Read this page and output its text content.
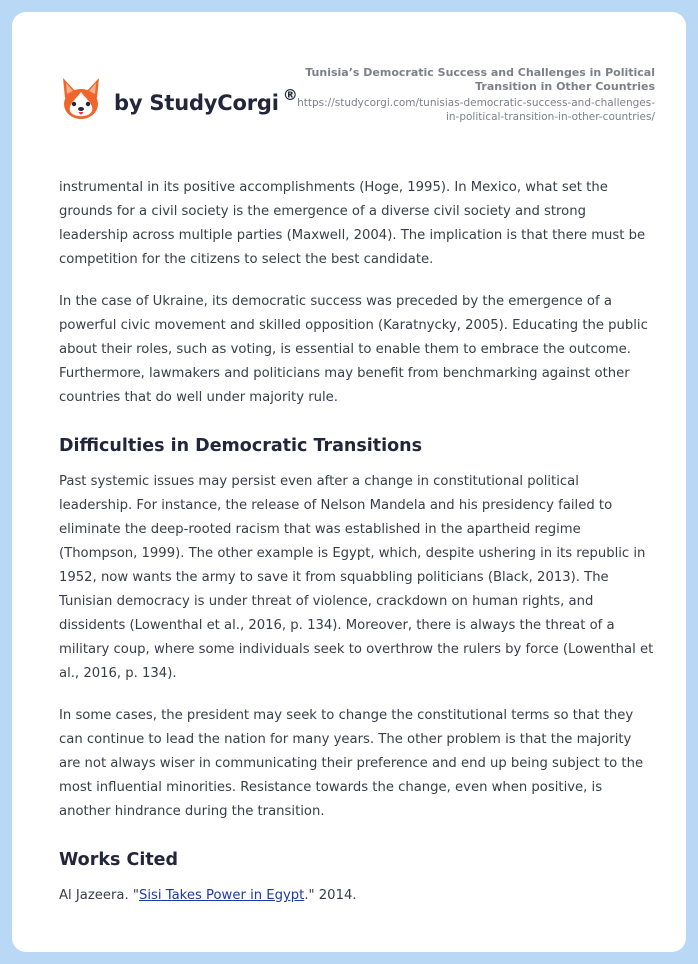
by StudyCorgi ®
Tunisia’s Democratic Success and Challenges in Political Transition in Other Countries
https://studycorgi.com/tunisias-democratic-success-and-challenges-in-political-transition-in-other-countries/

instrumental in its positive accomplishments (Hoge, 1995). In Mexico, what set the grounds for a civil society is the emergence of a diverse civil society and strong leadership across multiple parties (Maxwell, 2004). The implication is that there must be competition for the citizens to select the best candidate.

In the case of Ukraine, its democratic success was preceded by the emergence of a powerful civic movement and skilled opposition (Karatnycky, 2005). Educating the public about their roles, such as voting, is essential to enable them to embrace the outcome. Furthermore, lawmakers and politicians may benefit from benchmarking against other countries that do well under majority rule.

Difficulties in Democratic Transitions

Past systemic issues may persist even after a change in constitutional political leadership. For instance, the release of Nelson Mandela and his presidency failed to eliminate the deep-rooted racism that was established in the apartheid regime (Thompson, 1999). The other example is Egypt, which, despite ushering in its republic in 1952, now wants the army to save it from squabbling politicians (Black, 2013). The Tunisian democracy is under threat of violence, crackdown on human rights, and dissidents (Lowenthal et al., 2016, p. 134). Moreover, there is always the threat of a military coup, where some individuals seek to overthrow the rulers by force (Lowenthal et al., 2016, p. 134).

In some cases, the president may seek to change the constitutional terms so that they can continue to lead the nation for many years. The other problem is that the majority are not always wiser in communicating their preference and end up being subject to the most influential minorities. Resistance towards the change, even when positive, is another hindrance during the transition.

Works Cited

Al Jazeera. "Sisi Takes Power in Egypt." 2014.
